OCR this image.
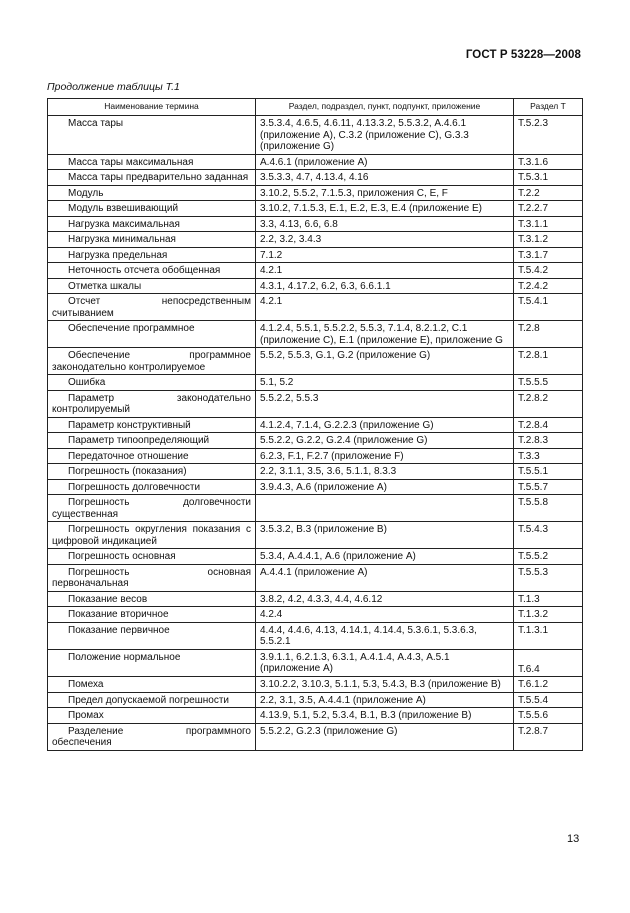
ГОСТ Р 53228—2008
Продолжение таблицы Т.1
Наименование термина	Раздел, подраздел, пункт, подпункт, приложение	Раздел Т

Масса тары	3.5.3.4, 4.6.5, 4.6.11, 4.13.3.2, 5.5.3.2, А.4.6.1 (приложение А), C.3.2 (приложение С), G.3.3 (приложение G)	Т.5.2.3

Масса тары максимальная	А.4.6.1 (приложение А)	Т.3.1.6

Масса тары предварительно заданная	3.5.3.3, 4.7, 4.13.4, 4.16	Т.5.3.1

Модуль	3.10.2, 5.5.2, 7.1.5.3, приложения С, Е, F	Т.2.2

Модуль взвешивающий	3.10.2, 7.1.5.3, Е.1, Е.2, Е.3, Е.4 (приложение Е)	Т.2.2.7

Нагрузка максимальная	3.3, 4.13, 6.6, 6.8	Т.3.1.1

Нагрузка минимальная	2.2, 3.2, 3.4.3	Т.3.1.2

Нагрузка предельная	7.1.2	Т.3.1.7

Неточность отсчета обобщенная	4.2.1	Т.5.4.2

Отметка шкалы	4.3.1, 4.17.2, 6.2, 6.3, 6.6.1.1	Т.2.4.2

Отсчет непосредственным считыванием	4.2.1	Т.5.4.1

Обеспечение программное	4.1.2.4, 5.5.1, 5.5.2.2, 5.5.3, 7.1.4, 8.2.1.2, С.1 (приложение С), Е.1 (приложение Е), приложение G	Т.2.8

Обеспечение программное законодательно контролируемое	5.5.2, 5.5.3, G.1, G.2 (приложение G)	Т.2.8.1

Ошибка	5.1, 5.2	Т.5.5.5

Параметр законодательно контролируемый	5.5.2.2, 5.5.3	Т.2.8.2

Параметр конструктивный	4.1.2.4, 7.1.4, G.2.2.3 (приложение G)	Т.2.8.4

Параметр типоопределяющий	5.5.2.2, G.2.2, G.2.4 (приложение G)	Т.2.8.3

Передаточное отношение	6.2.3, F.1, F.2.7 (приложение F)	Т.3.3

Погрешность (показания)	2.2, 3.1.1, 3.5, 3.6, 5.1.1, 8.3.3	Т.5.5.1

Погрешность долговечности	3.9.4.3, А.6 (приложение А)	Т.5.5.7

Погрешность долговечности существенная		Т.5.5.8

Погрешность округления показания с цифровой индикацией	3.5.3.2, В.3 (приложение В)	Т.5.4.3

Погрешность основная	5.3.4, А.4.4.1, А.6 (приложение А)	Т.5.5.2

Погрешность основная первоначальная	А.4.4.1 (приложение А)	Т.5.5.3

Показание весов	3.8.2, 4.2, 4.3.3, 4.4, 4.6.12	Т.1.3

Показание вторичное	4.2.4	Т.1.3.2

Показание первичное	4.4.4, 4.4.6, 4.13, 4.14.1, 4.14.4, 5.3.6.1, 5.3.6.3, 5.5.2.1	Т.1.3.1

Положение нормальное	3.9.1.1, 6.2.1.3, 6.3.1, А.4.1.4, А.4.3, А.5.1 (приложение А)	Т.6.4

Помеха	3.10.2.2, 3.10.3, 5.1.1, 5.3, 5.4.3, В.3 (приложение В)	Т.6.1.2

Предел допускаемой погрешности	2.2, 3.1, 3.5, А.4.4.1 (приложение А)	Т.5.5.4

Промах	4.13.9, 5.1, 5.2, 5.3.4, В.1, В.3 (приложение В)	Т.5.5.6

Разделение программного обеспечения	5.5.2.2, G.2.3 (приложение G)	Т.2.8.7
13
